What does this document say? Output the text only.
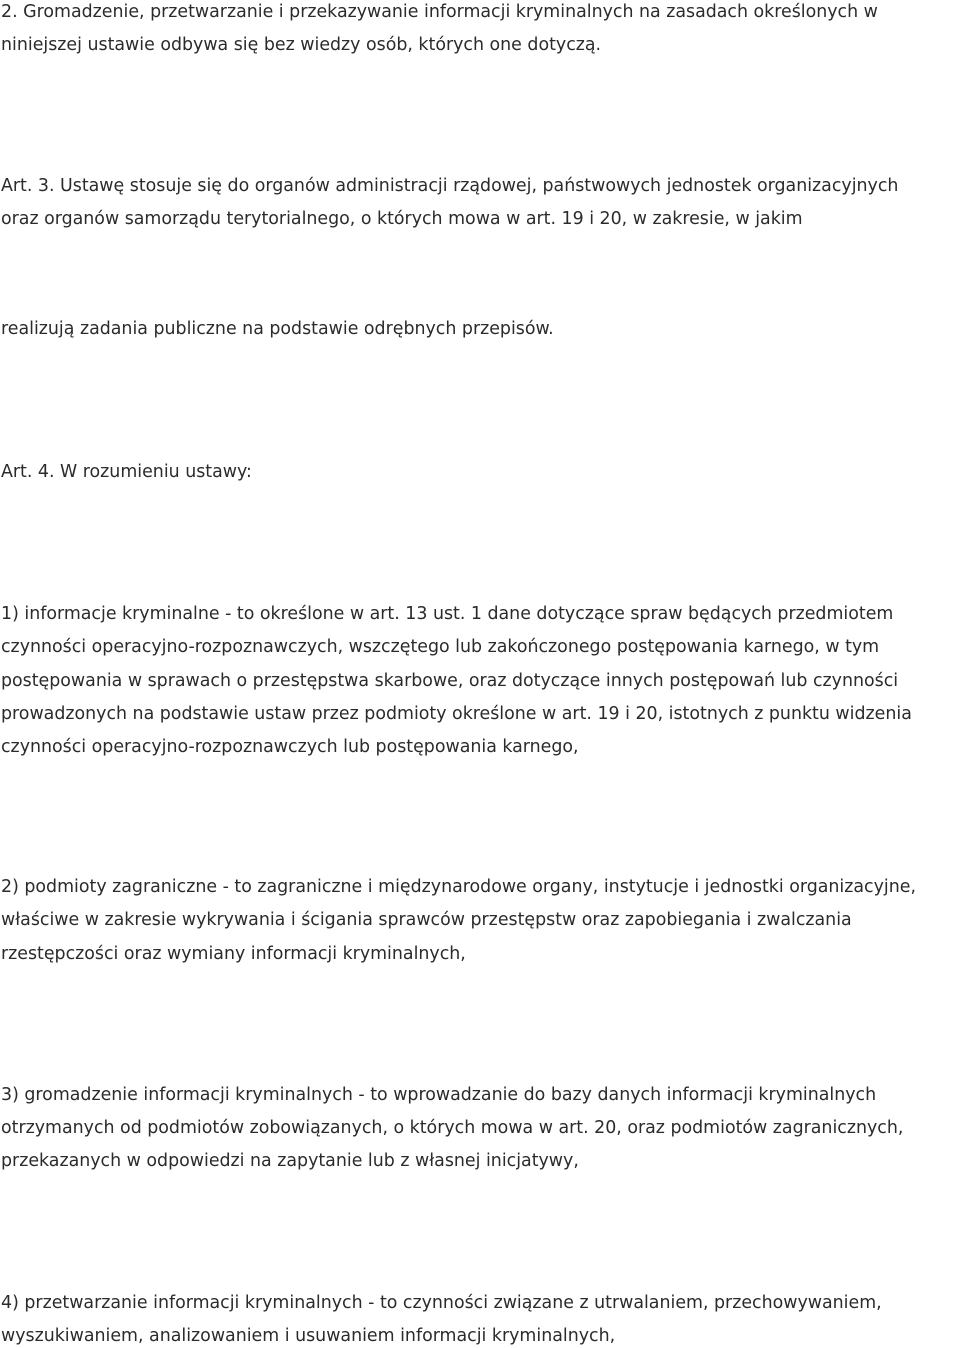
2. Gromadzenie, przetwarzanie i przekazywanie informacji kryminalnych na zasadach określonych w

niniejszej ustawie odbywa się bez wiedzy osób, których one dotyczą.

Art. 3. Ustawę stosuje się do organów administracji rządowej, państwowych jednostek organizacyjnych

oraz organów samorządu terytorialnego, o których mowa w art. 19 i 20, w zakresie, w jakim

realizują zadania publiczne na podstawie odrębnych przepisów.

Art. 4. W rozumieniu ustawy:

1) informacje kryminalne - to określone w art. 13 ust. 1 dane dotyczące spraw będących przedmiotem

czynności operacyjno-rozpoznawczych, wszczętego lub zakończonego postępowania karnego, w tym

postępowania w sprawach o przestępstwa skarbowe, oraz dotyczące innych postępowań lub czynności

prowadzonych na podstawie ustaw przez podmioty określone w art. 19 i 20, istotnych z punktu widzenia

czynności operacyjno-rozpoznawczych lub postępowania karnego,

2) podmioty zagraniczne - to zagraniczne i międzynarodowe organy, instytucje i jednostki organizacyjne,

właściwe w zakresie wykrywania i ścigania sprawców przestępstw oraz zapobiegania i zwalczania

rzestępczości oraz wymiany informacji kryminalnych,

3) gromadzenie informacji kryminalnych - to wprowadzanie do bazy danych informacji kryminalnych

otrzymanych od podmiotów zobowiązanych, o których mowa w art. 20, oraz podmiotów zagranicznych,

przekazanych w odpowiedzi na zapytanie lub z własnej inicjatywy,

4) przetwarzanie informacji kryminalnych - to czynności związane z utrwalaniem, przechowywaniem,

wyszukiwaniem, analizowaniem i usuwaniem informacji kryminalnych,
